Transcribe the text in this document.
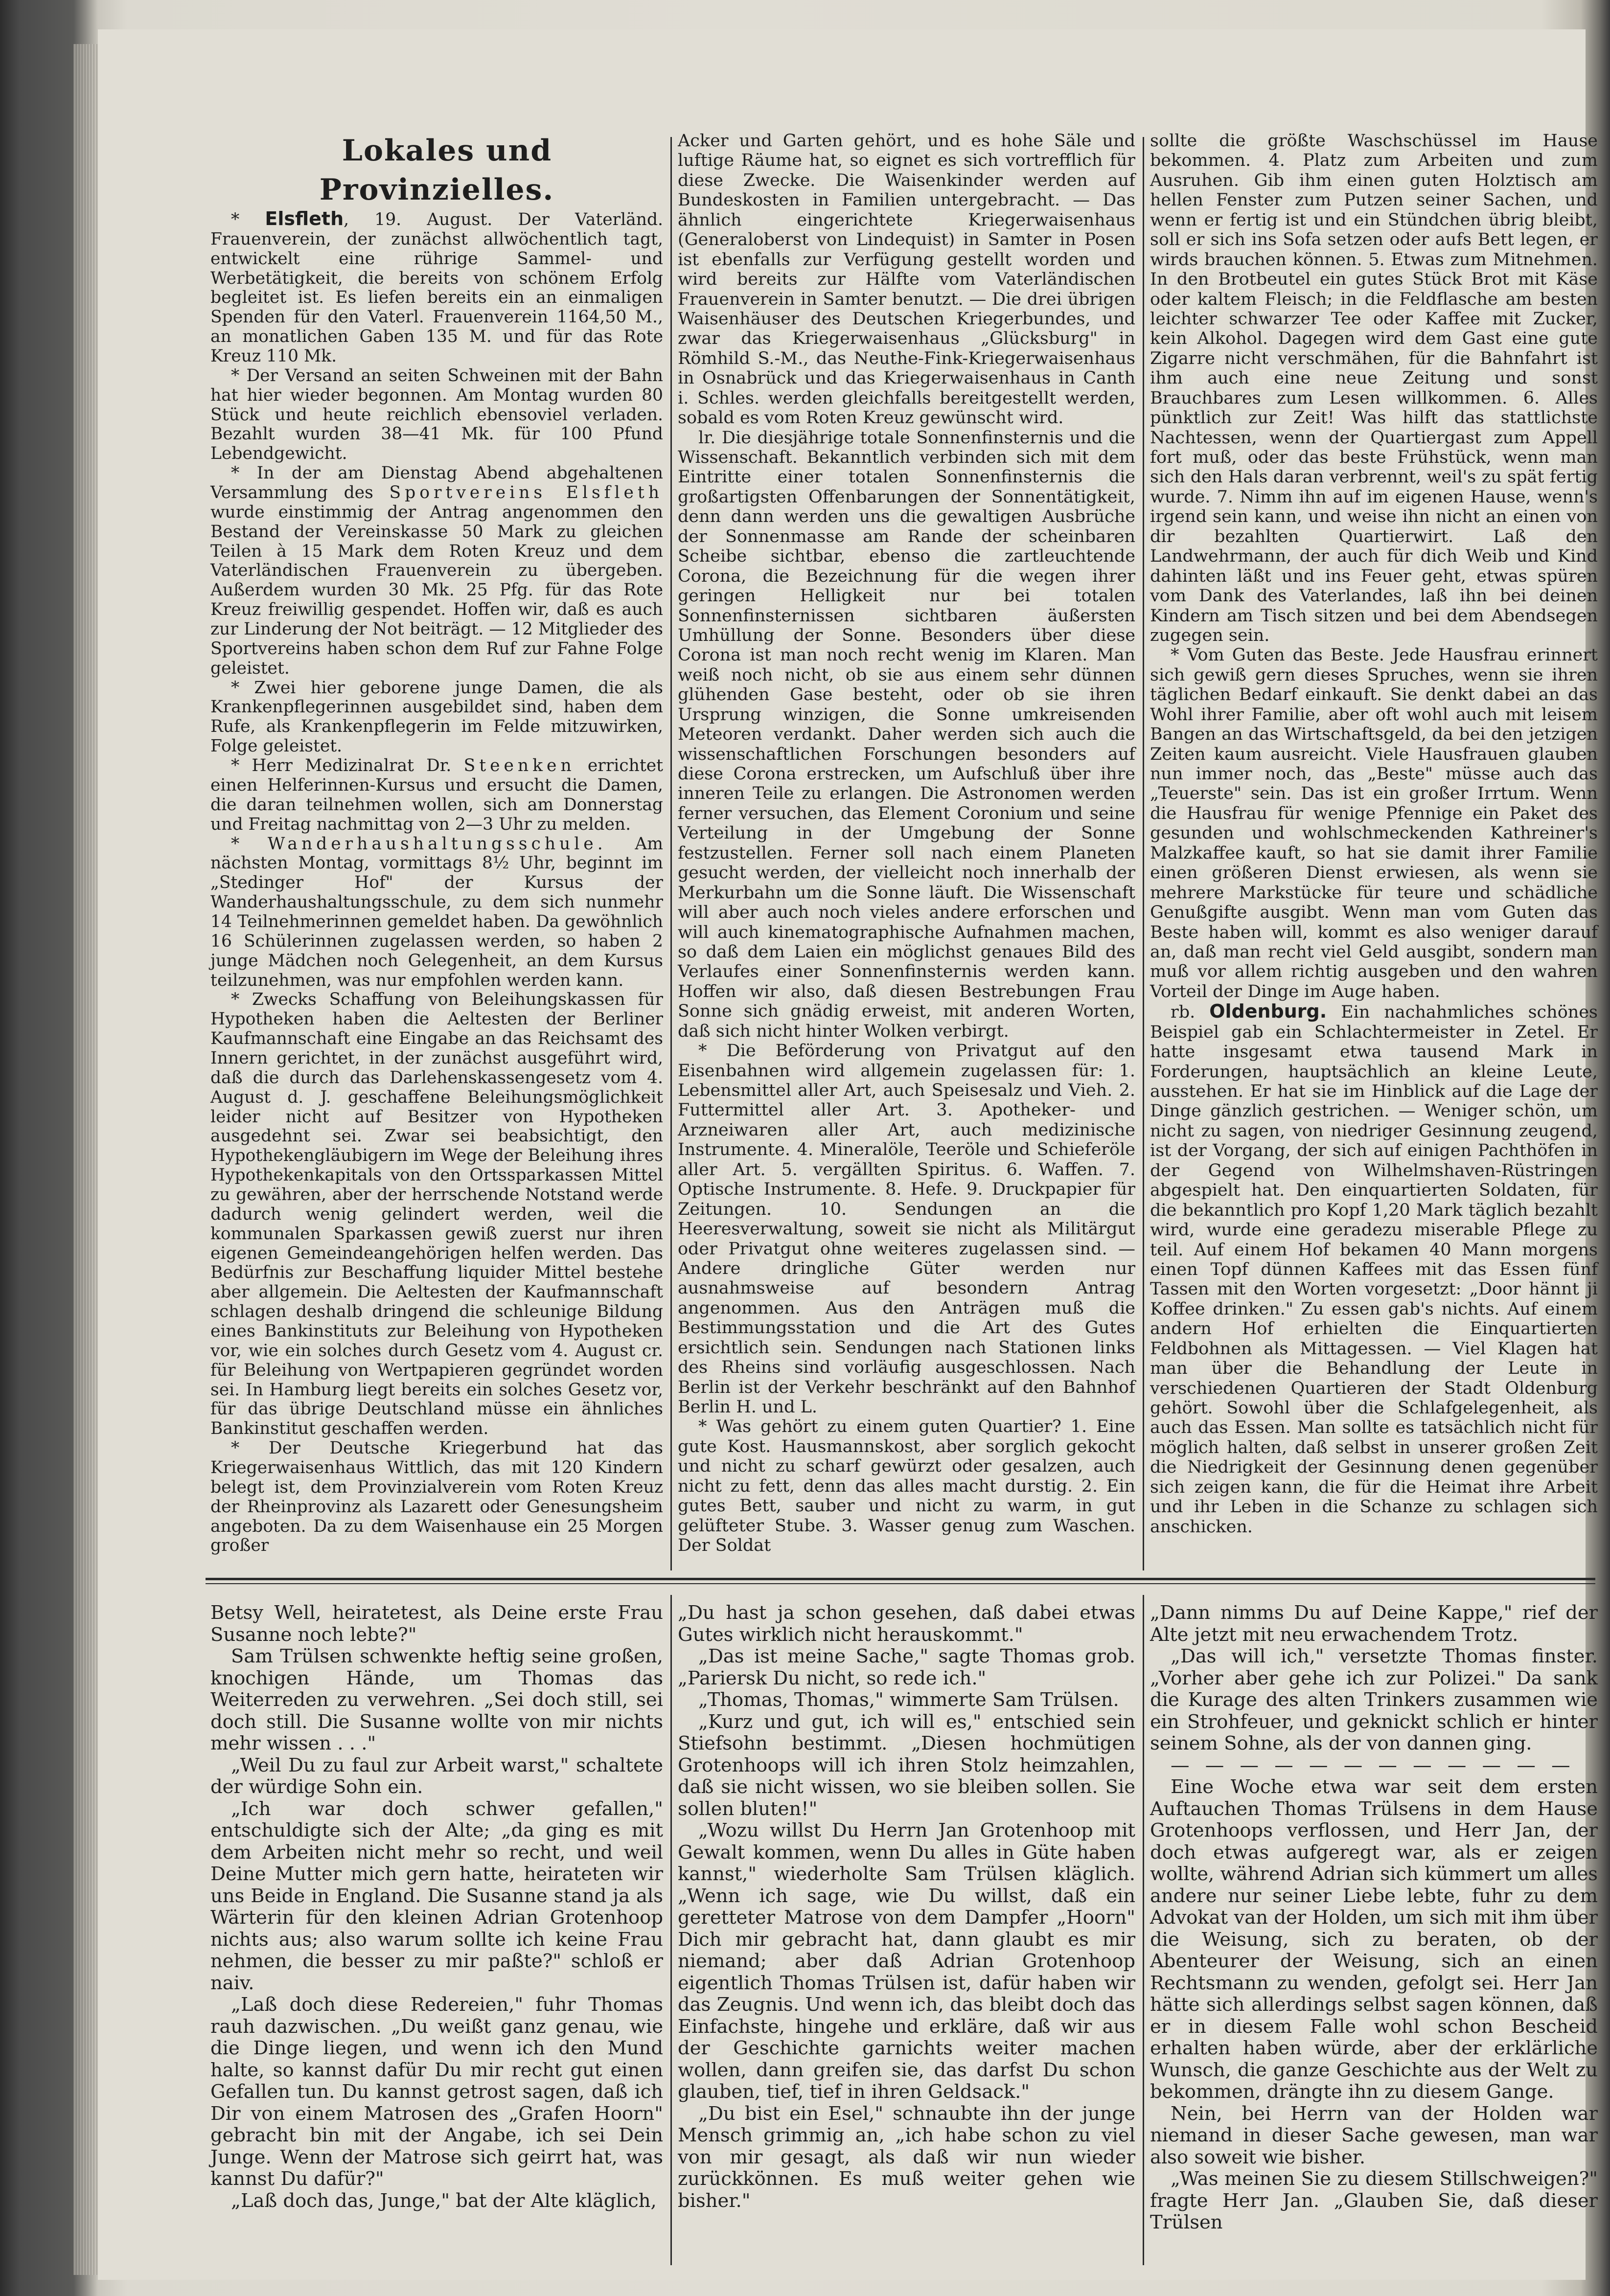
Lokales und Provinzielles.

* Elsfleth, 19. August. Der Vaterländ. Frauenverein, der zunächst allwöchentlich tagt, entwickelt eine rührige Sammel- und Werbetätigkeit, die bereits von schönem Erfolg begleitet ist. Es liefen bereits ein an einmaligen Spenden für den Vaterl. Frauenverein 1164,50 M., an monatlichen Gaben 135 M. und für das Rote Kreuz 110 Mk.

* Der Versand an seiten Schweinen mit der Bahn hat hier wieder begonnen. Am Montag wurden 80 Stück und heute reichlich ebensoviel verladen. Bezahlt wurden 38—41 Mk. für 100 Pfund Lebendgewicht.

* In der am Dienstag Abend abgehaltenen Versammlung des Sportvereins Elsfleth wurde einstimmig der Antrag angenommen den Bestand der Vereinskasse 50 Mark zu gleichen Teilen à 15 Mark dem Roten Kreuz und dem Vaterländischen Frauenverein zu übergeben. Außerdem wurden 30 Mk. 25 Pfg. für das Rote Kreuz freiwillig gespendet. Hoffen wir, daß es auch zur Linderung der Not beiträgt. — 12 Mitglieder des Sportvereins haben schon dem Ruf zur Fahne Folge geleistet.

* Zwei hier geborene junge Damen, die als Krankenpflegerinnen ausgebildet sind, haben dem Rufe, als Krankenpflegerin im Felde mitzuwirken, Folge geleistet.

* Herr Medizinalrat Dr. Steenken errichtet einen Helferinnen-Kursus und ersucht die Damen, die daran teilnehmen wollen, sich am Donnerstag und Freitag nachmittag von 2—3 Uhr zu melden.

* Wanderhaushaltungsschule. Am nächsten Montag, vormittags 8½ Uhr, beginnt im „Stedinger Hof" der Kursus der Wanderhaushaltungsschule, zu dem sich nunmehr 14 Teilnehmerinnen gemeldet haben. Da gewöhnlich 16 Schülerinnen zugelassen werden, so haben 2 junge Mädchen noch Gelegenheit, an dem Kursus teilzunehmen, was nur empfohlen werden kann.

* Zwecks Schaffung von Beleihungskassen für Hypotheken haben die Aeltesten der Berliner Kaufmannschaft eine Eingabe an das Reichsamt des Innern gerichtet, in der zunächst ausgeführt wird, daß die durch das Darlehenskassengesetz vom 4. August d. J. geschaffene Beleihungsmöglichkeit leider nicht auf Besitzer von Hypotheken ausgedehnt sei. Zwar sei beabsichtigt, den Hypothekengläubigern im Wege der Beleihung ihres Hypothekenkapitals von den Ortssparkassen Mittel zu gewähren, aber der herrschende Notstand werde dadurch wenig gelindert werden, weil die kommunalen Sparkassen gewiß zuerst nur ihren eigenen Gemeindeangehörigen helfen werden. Das Bedürfnis zur Beschaffung liquider Mittel bestehe aber allgemein. Die Aeltesten der Kaufmannschaft schlagen deshalb dringend die schleunige Bildung eines Bankinstituts zur Beleihung von Hypotheken vor, wie ein solches durch Gesetz vom 4. August cr. für Beleihung von Wertpapieren gegründet worden sei. In Hamburg liegt bereits ein solches Gesetz vor, für das übrige Deutschland müsse ein ähnliches Bankinstitut geschaffen werden.

* Der Deutsche Kriegerbund hat das Kriegerwaisenhaus Wittlich, das mit 120 Kindern belegt ist, dem Provinzialverein vom Roten Kreuz der Rheinprovinz als Lazarett oder Genesungsheim angeboten. Da zu dem Waisenhause ein 25 Morgen großer

Acker und Garten gehört, und es hohe Säle und luftige Räume hat, so eignet es sich vortrefflich für diese Zwecke. Die Waisenkinder werden auf Bundeskosten in Familien untergebracht. — Das ähnlich eingerichtete Kriegerwaisenhaus (Generaloberst von Lindequist) in Samter in Posen ist ebenfalls zur Verfügung gestellt worden und wird bereits zur Hälfte vom Vaterländischen Frauenverein in Samter benutzt. — Die drei übrigen Waisenhäuser des Deutschen Kriegerbundes, und zwar das Kriegerwaisenhaus „Glücksburg" in Römhild S.-M., das Neuthe-Fink-Kriegerwaisenhaus in Osnabrück und das Kriegerwaisenhaus in Canth i. Schles. werden gleichfalls bereitgestellt werden, sobald es vom Roten Kreuz gewünscht wird.

lr. Die diesjährige totale Sonnenfinsternis und die Wissenschaft. Bekanntlich verbinden sich mit dem Eintritte einer totalen Sonnenfinsternis die großartigsten Offenbarungen der Sonnentätigkeit, denn dann werden uns die gewaltigen Ausbrüche der Sonnenmasse am Rande der scheinbaren Scheibe sichtbar, ebenso die zartleuchtende Corona, die Bezeichnung für die wegen ihrer geringen Helligkeit nur bei totalen Sonnenfinsternissen sichtbaren äußersten Umhüllung der Sonne. Besonders über diese Corona ist man noch recht wenig im Klaren. Man weiß noch nicht, ob sie aus einem sehr dünnen glühenden Gase besteht, oder ob sie ihren Ursprung winzigen, die Sonne umkreisenden Meteoren verdankt. Daher werden sich auch die wissenschaftlichen Forschungen besonders auf diese Corona erstrecken, um Aufschluß über ihre inneren Teile zu erlangen. Die Astronomen werden ferner versuchen, das Element Coronium und seine Verteilung in der Umgebung der Sonne festzustellen. Ferner soll nach einem Planeten gesucht werden, der vielleicht noch innerhalb der Merkurbahn um die Sonne läuft. Die Wissenschaft will aber auch noch vieles andere erforschen und will auch kinematographische Aufnahmen machen, so daß dem Laien ein möglichst genaues Bild des Verlaufes einer Sonnenfinsternis werden kann. Hoffen wir also, daß diesen Bestrebungen Frau Sonne sich gnädig erweist, mit anderen Worten, daß sich nicht hinter Wolken verbirgt.

* Die Beförderung von Privatgut auf den Eisenbahnen wird allgemein zugelassen für: 1. Lebensmittel aller Art, auch Speisesalz und Vieh. 2. Futtermittel aller Art. 3. Apotheker- und Arzneiwaren aller Art, auch medizinische Instrumente. 4. Mineralöle, Teeröle und Schieferöle aller Art. 5. vergällten Spiritus. 6. Waffen. 7. Optische Instrumente. 8. Hefe. 9. Druckpapier für Zeitungen. 10. Sendungen an die Heeresverwaltung, soweit sie nicht als Militärgut oder Privatgut ohne weiteres zugelassen sind. — Andere dringliche Güter werden nur ausnahmsweise auf besondern Antrag angenommen. Aus den Anträgen muß die Bestimmungsstation und die Art des Gutes ersichtlich sein. Sendungen nach Stationen links des Rheins sind vorläufig ausgeschlossen. Nach Berlin ist der Verkehr beschränkt auf den Bahnhof Berlin H. und L.

* Was gehört zu einem guten Quartier? 1. Eine gute Kost. Hausmannskost, aber sorglich gekocht und nicht zu scharf gewürzt oder gesalzen, auch nicht zu fett, denn das alles macht durstig. 2. Ein gutes Bett, sauber und nicht zu warm, in gut gelüfteter Stube. 3. Wasser genug zum Waschen. Der Soldat

sollte die größte Waschschüssel im Hause bekommen. 4. Platz zum Arbeiten und zum Ausruhen. Gib ihm einen guten Holztisch am hellen Fenster zum Putzen seiner Sachen, und wenn er fertig ist und ein Stündchen übrig bleibt, soll er sich ins Sofa setzen oder aufs Bett legen, er wirds brauchen können. 5. Etwas zum Mitnehmen. In den Brotbeutel ein gutes Stück Brot mit Käse oder kaltem Fleisch; in die Feldflasche am besten leichter schwarzer Tee oder Kaffee mit Zucker, kein Alkohol. Dagegen wird dem Gast eine gute Zigarre nicht verschmähen, für die Bahnfahrt ist ihm auch eine neue Zeitung und sonst Brauchbares zum Lesen willkommen. 6. Alles pünktlich zur Zeit! Was hilft das stattlichste Nachtessen, wenn der Quartiergast zum Appell fort muß, oder das beste Frühstück, wenn man sich den Hals daran verbrennt, weil's zu spät fertig wurde. 7. Nimm ihn auf im eigenen Hause, wenn's irgend sein kann, und weise ihn nicht an einen von dir bezahlten Quartierwirt. Laß den Landwehrmann, der auch für dich Weib und Kind dahinten läßt und ins Feuer geht, etwas spüren vom Dank des Vaterlandes, laß ihn bei deinen Kindern am Tisch sitzen und bei dem Abendsegen zugegen sein.

* Vom Guten das Beste. Jede Hausfrau erinnert sich gewiß gern dieses Spruches, wenn sie ihren täglichen Bedarf einkauft. Sie denkt dabei an das Wohl ihrer Familie, aber oft wohl auch mit leisem Bangen an das Wirtschaftsgeld, da bei den jetzigen Zeiten kaum ausreicht. Viele Hausfrauen glauben nun immer noch, das „Beste" müsse auch das „Teuerste" sein. Das ist ein großer Irrtum. Wenn die Hausfrau für wenige Pfennige ein Paket des gesunden und wohlschmeckenden Kathreiner's Malzkaffee kauft, so hat sie damit ihrer Familie einen größeren Dienst erwiesen, als wenn sie mehrere Markstücke für teure und schädliche Genußgifte ausgibt. Wenn man vom Guten das Beste haben will, kommt es also weniger darauf an, daß man recht viel Geld ausgibt, sondern man muß vor allem richtig ausgeben und den wahren Vorteil der Dinge im Auge haben.

rb. Oldenburg. Ein nachahmliches schönes Beispiel gab ein Schlachtermeister in Zetel. Er hatte insgesamt etwa tausend Mark in Forderungen, hauptsächlich an kleine Leute, ausstehen. Er hat sie im Hinblick auf die Lage der Dinge gänzlich gestrichen. — Weniger schön, um nicht zu sagen, von niedriger Gesinnung zeugend, ist der Vorgang, der sich auf einigen Pachthöfen in der Gegend von Wilhelmshaven-Rüstringen abgespielt hat. Den einquartierten Soldaten, für die bekanntlich pro Kopf 1,20 Mark täglich bezahlt wird, wurde eine geradezu miserable Pflege zu teil. Auf einem Hof bekamen 40 Mann morgens einen Topf dünnen Kaffees mit das Essen fünf Tassen mit den Worten vorgesetzt: „Door hännt ji Koffee drinken." Zu essen gab's nichts. Auf einem andern Hof erhielten die Einquartierten Feldbohnen als Mittagessen. — Viel Klagen hat man über die Behandlung der Leute in verschiedenen Quartieren der Stadt Oldenburg gehört. Sowohl über die Schlafgelegenheit, als auch das Essen. Man sollte es tatsächlich nicht für möglich halten, daß selbst in unserer großen Zeit die Niedrigkeit der Gesinnung denen gegenüber sich zeigen kann, die für die Heimat ihre Arbeit und ihr Leben in die Schanze zu schlagen sich anschicken.

Betsy Well, heiratetest, als Deine erste Frau Susanne noch lebte?"

Sam Trülsen schwenkte heftig seine großen, knochigen Hände, um Thomas das Weiterreden zu verwehren. „Sei doch still, sei doch still. Die Susanne wollte von mir nichts mehr wissen . . ."

„Weil Du zu faul zur Arbeit warst," schaltete der würdige Sohn ein.

„Ich war doch schwer gefallen," entschuldigte sich der Alte; „da ging es mit dem Arbeiten nicht mehr so recht, und weil Deine Mutter mich gern hatte, heirateten wir uns Beide in England. Die Susanne stand ja als Wärterin für den kleinen Adrian Grotenhoop nichts aus; also warum sollte ich keine Frau nehmen, die besser zu mir paßte?" schloß er naiv.

„Laß doch diese Redereien," fuhr Thomas rauh dazwischen. „Du weißt ganz genau, wie die Dinge liegen, und wenn ich den Mund halte, so kannst dafür Du mir recht gut einen Gefallen tun. Du kannst getrost sagen, daß ich Dir von einem Matrosen des „Grafen Hoorn" gebracht bin mit der Angabe, ich sei Dein Junge. Wenn der Matrose sich geirrt hat, was kannst Du dafür?"

„Laß doch das, Junge," bat der Alte kläglich,

„Du hast ja schon gesehen, daß dabei etwas Gutes wirklich nicht herauskommt."

„Das ist meine Sache," sagte Thomas grob. „Pariersk Du nicht, so rede ich."

„Thomas, Thomas," wimmerte Sam Trülsen.

„Kurz und gut, ich will es," entschied sein Stiefsohn bestimmt. „Diesen hochmütigen Grotenhoops will ich ihren Stolz heimzahlen, daß sie nicht wissen, wo sie bleiben sollen. Sie sollen bluten!"

„Wozu willst Du Herrn Jan Grotenhoop mit Gewalt kommen, wenn Du alles in Güte haben kannst," wiederholte Sam Trülsen kläglich. „Wenn ich sage, wie Du willst, daß ein geretteter Matrose von dem Dampfer „Hoorn" Dich mir gebracht hat, dann glaubt es mir niemand; aber daß Adrian Grotenhoop eigentlich Thomas Trülsen ist, dafür haben wir das Zeugnis. Und wenn ich, das bleibt doch das Einfachste, hingehe und erkläre, daß wir aus der Geschichte garnichts weiter machen wollen, dann greifen sie, das darfst Du schon glauben, tief, tief in ihren Geldsack."

„Du bist ein Esel," schnaubte ihn der junge Mensch grimmig an, „ich habe schon zu viel von mir gesagt, als daß wir nun wieder zurückkönnen. Es muß weiter gehen wie bisher."

„Dann nimms Du auf Deine Kappe," rief der Alte jetzt mit neu erwachendem Trotz.

„Das will ich," versetzte Thomas finster. „Vorher aber gehe ich zur Polizei." Da sank die Kurage des alten Trinkers zusammen wie ein Strohfeuer, und geknickt schlich er hinter seinem Sohne, als der von dannen ging.

— — — — — — — — — — — —

Eine Woche etwa war seit dem ersten Auftauchen Thomas Trülsens in dem Hause Grotenhoops verflossen, und Herr Jan, der doch etwas aufgeregt war, als er zeigen wollte, während Adrian sich kümmert um alles andere nur seiner Liebe lebte, fuhr zu dem Advokat van der Holden, um sich mit ihm über die Weisung, sich zu beraten, ob der Abenteurer der Weisung, sich an einen Rechtsmann zu wenden, gefolgt sei. Herr Jan hätte sich allerdings selbst sagen können, daß er in diesem Falle wohl schon Bescheid erhalten haben würde, aber der erklärliche Wunsch, die ganze Geschichte aus der Welt zu bekommen, drängte ihn zu diesem Gange.

Nein, bei Herrn van der Holden war niemand in dieser Sache gewesen, man war also soweit wie bisher.

„Was meinen Sie zu diesem Stillschweigen?" fragte Herr Jan. „Glauben Sie, daß dieser Trülsen
